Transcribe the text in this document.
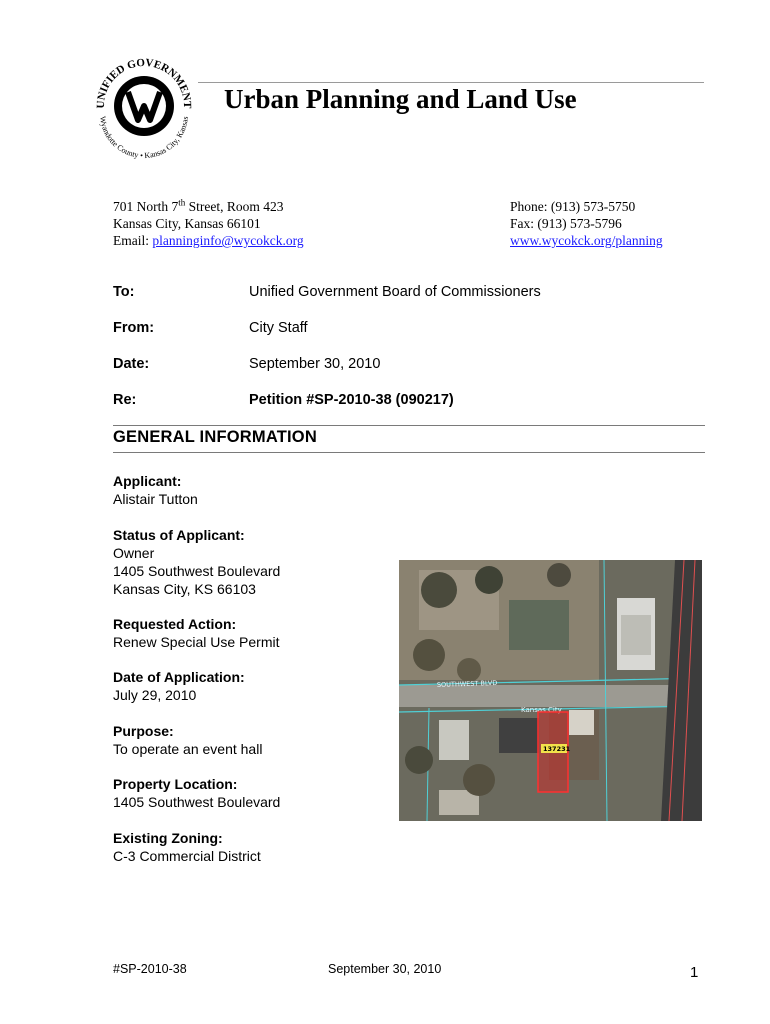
UNIFIED GOVERNMENT
Wyandotte County • Kansas City, Kansas
Urban Planning and Land Use
701 North 7th Street, Room 423
Kansas City, Kansas 66101
Email: planninginfo@wycokck.org
Phone: (913) 573-5750
Fax: (913) 573-5796
www.wycokck.org/planning
To:	Unified Government Board of Commissioners
From:	City Staff
Date:	September 30, 2010
Re:	Petition #SP-2010-38 (090217)
GENERAL INFORMATION
Applicant:
Alistair Tutton
Status of Applicant:
Owner
1405 Southwest Boulevard
Kansas City, KS 66103
Requested Action:
Renew Special Use Permit
Date of Application:
July 29, 2010
Purpose:
To operate an event hall
Property Location:
1405 Southwest Boulevard
Existing Zoning:
C-3 Commercial District
SOUTHWEST BLVD
Kansas City
137231
#SP-2010-38	September 30, 2010	1
